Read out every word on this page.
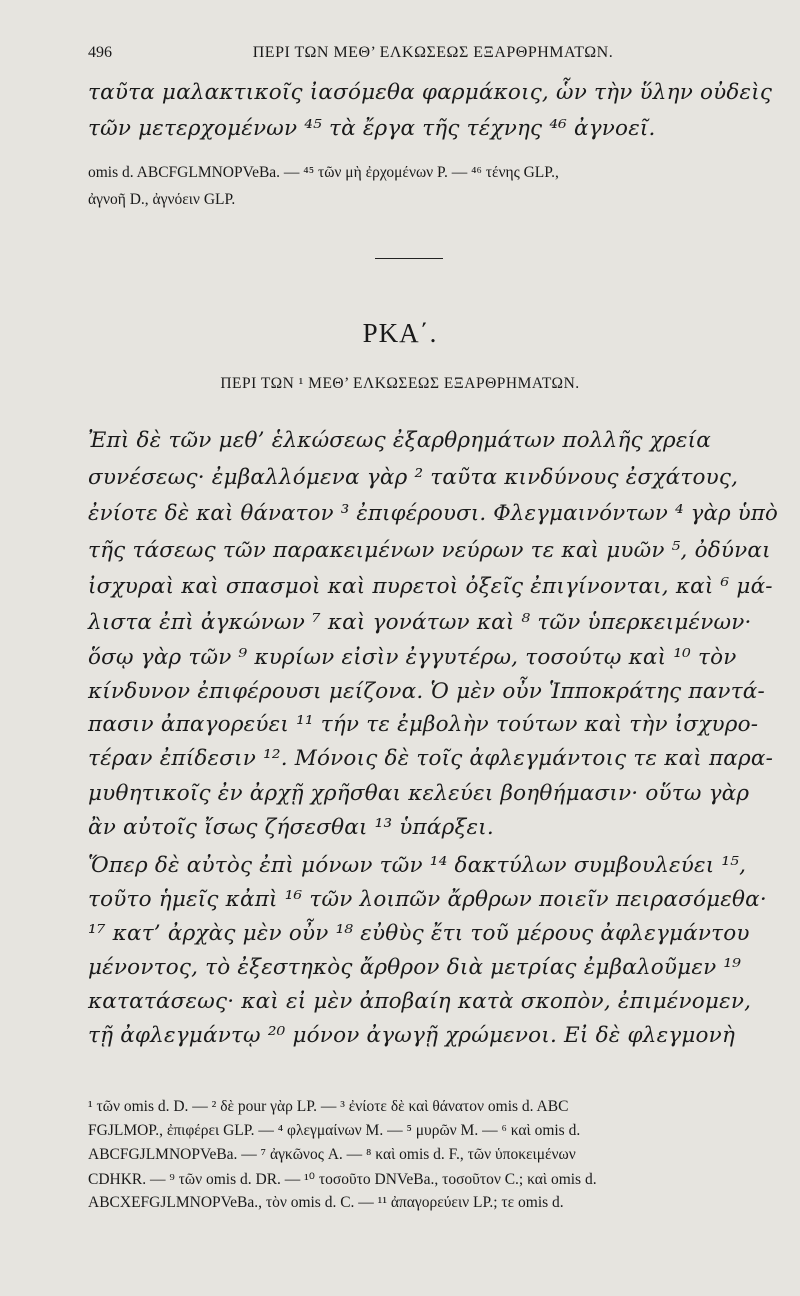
496	ΠΕΡΙ ΤΩΝ ΜΕΘ’ ΕΛΚΩΣΕΩΣ ΕΞΑΡΘΡΗΜΑΤΩΝ.
ταῦτα μαλακτικοῖς ἰασόμεθα φαρμάκοις, ὧν τὴν ὕλην οὐδεὶς
τῶν μετερχομένων ⁴⁵ τὰ ἔργα τῆς τέχνης ⁴⁶ ἀγνοεῖ.
omis d. ABCFGLMNOPVeBa. — ⁴⁵ τῶν μὴ ἐρχομένων P. — ⁴⁶ τένης GLP.,
ἀγνοῆ D., ἀγνόειν GLP.
ΡΚΑ΄.
ΠΕΡΙ ΤΩΝ ¹ ΜΕΘ’ ΕΛΚΩΣΕΩΣ ΕΞΑΡΘΡΗΜΑΤΩΝ.
Ἐπὶ δὲ τῶν μεθ’ ἑλκώσεως ἐξαρθρημάτων πολλῆς χρεία
συνέσεως· ἐμβαλλόμενα γὰρ ² ταῦτα κινδύνους ἐσχάτους,
ἐνίοτε δὲ καὶ θάνατον ³ ἐπιφέρουσι. Φλεγμαινόντων ⁴ γὰρ ὑπὸ
τῆς τάσεως τῶν παρακειμένων νεύρων τε καὶ μυῶν ⁵, ὀδύναι
ἰσχυραὶ καὶ σπασμοὶ καὶ πυρετοὶ ὀξεῖς ἐπιγίνονται, καὶ ⁶ μά-
λιστα ἐπὶ ἀγκώνων ⁷ καὶ γονάτων καὶ ⁸ τῶν ὑπερκειμένων·
ὅσῳ γὰρ τῶν ⁹ κυρίων εἰσὶν ἐγγυτέρω, τοσούτῳ καὶ ¹⁰ τὸν
κίνδυνον ἐπιφέρουσι μείζονα. Ὁ μὲν οὖν Ἱπποκράτης παντά-
πασιν ἀπαγορεύει ¹¹ τήν τε ἐμβολὴν τούτων καὶ τὴν ἰσχυρο-
τέραν ἐπίδεσιν ¹². Μόνοις δὲ τοῖς ἀφλεγμάντοις τε καὶ παρα-
μυθητικοῖς ἐν ἀρχῇ χρῆσθαι κελεύει βοηθήμασιν· οὕτω γὰρ
ἂν αὐτοῖς ἴσως ζήσεσθαι ¹³ ὑπάρξει.
Ὅπερ δὲ αὐτὸς ἐπὶ μόνων τῶν ¹⁴ δακτύλων συμβουλεύει ¹⁵,
τοῦτο ἡμεῖς κἀπὶ ¹⁶ τῶν λοιπῶν ἄρθρων ποιεῖν πειρασόμεθα·
¹⁷ κατ’ ἀρχὰς μὲν οὖν ¹⁸ εὐθὺς ἔτι τοῦ μέρους ἀφλεγμάντου
μένοντος, τὸ ἐξεστηκὸς ἄρθρον διὰ μετρίας ἐμβαλοῦμεν ¹⁹
κατατάσεως· καὶ εἰ μὲν ἀποβαίη κατὰ σκοπὸν, ἐπιμένομεν,
τῇ ἀφλεγμάντῳ ²⁰ μόνον ἀγωγῇ χρώμενοι. Εἰ δὲ φλεγμονὴ
¹ τῶν omis d. D. — ² δὲ pour γὰρ LP. — ³ ἐνίοτε δὲ καὶ θάνατον omis d. ABC
FGJLMOP., ἐπιφέρει GLP. — ⁴ φλεγμαίνων M. — ⁵ μυρῶν M. — ⁶ καὶ omis d.
ABCFGJLMNOPVeBa. — ⁷ ἀγκῶνος A. — ⁸ καὶ omis d. F., τῶν ὑποκειμένων
CDHKR. — ⁹ τῶν omis d. DR. — ¹⁰ τοσοῦτο DNVeBa., τοσοῦτον C.; καὶ omis d.
ABCXEFGJLMNOPVeBa., τὸν omis d. C. — ¹¹ ἀπαγορεύειν LP.; τε omis d.
